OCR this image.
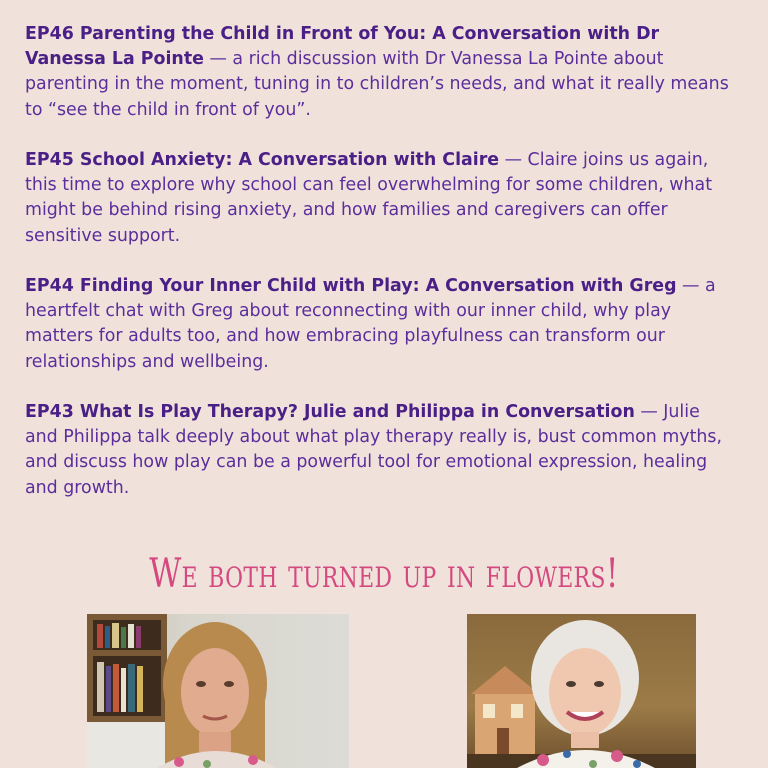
EP46 Parenting the Child in Front of You: A Conversation with Dr Vanessa La Pointe — a rich discussion with Dr Vanessa La Pointe about parenting in the moment, tuning in to children’s needs, and what it really means to “see the child in front of you”.

EP45 School Anxiety: A Conversation with Claire — Claire joins us again, this time to explore why school can feel overwhelming for some children, what might be behind rising anxiety, and how families and caregivers can offer sensitive support.

EP44 Finding Your Inner Child with Play: A Conversation with Greg — a heartfelt chat with Greg about reconnecting with our inner child, why play matters for adults too, and how embracing playfulness can transform our relationships and wellbeing.

EP43 What Is Play Therapy? Julie and Philippa in Conversation — Julie and Philippa talk deeply about what play therapy really is, bust common myths, and discuss how play can be a powerful tool for emotional expression, healing and growth.

We both turned up in flowers!
